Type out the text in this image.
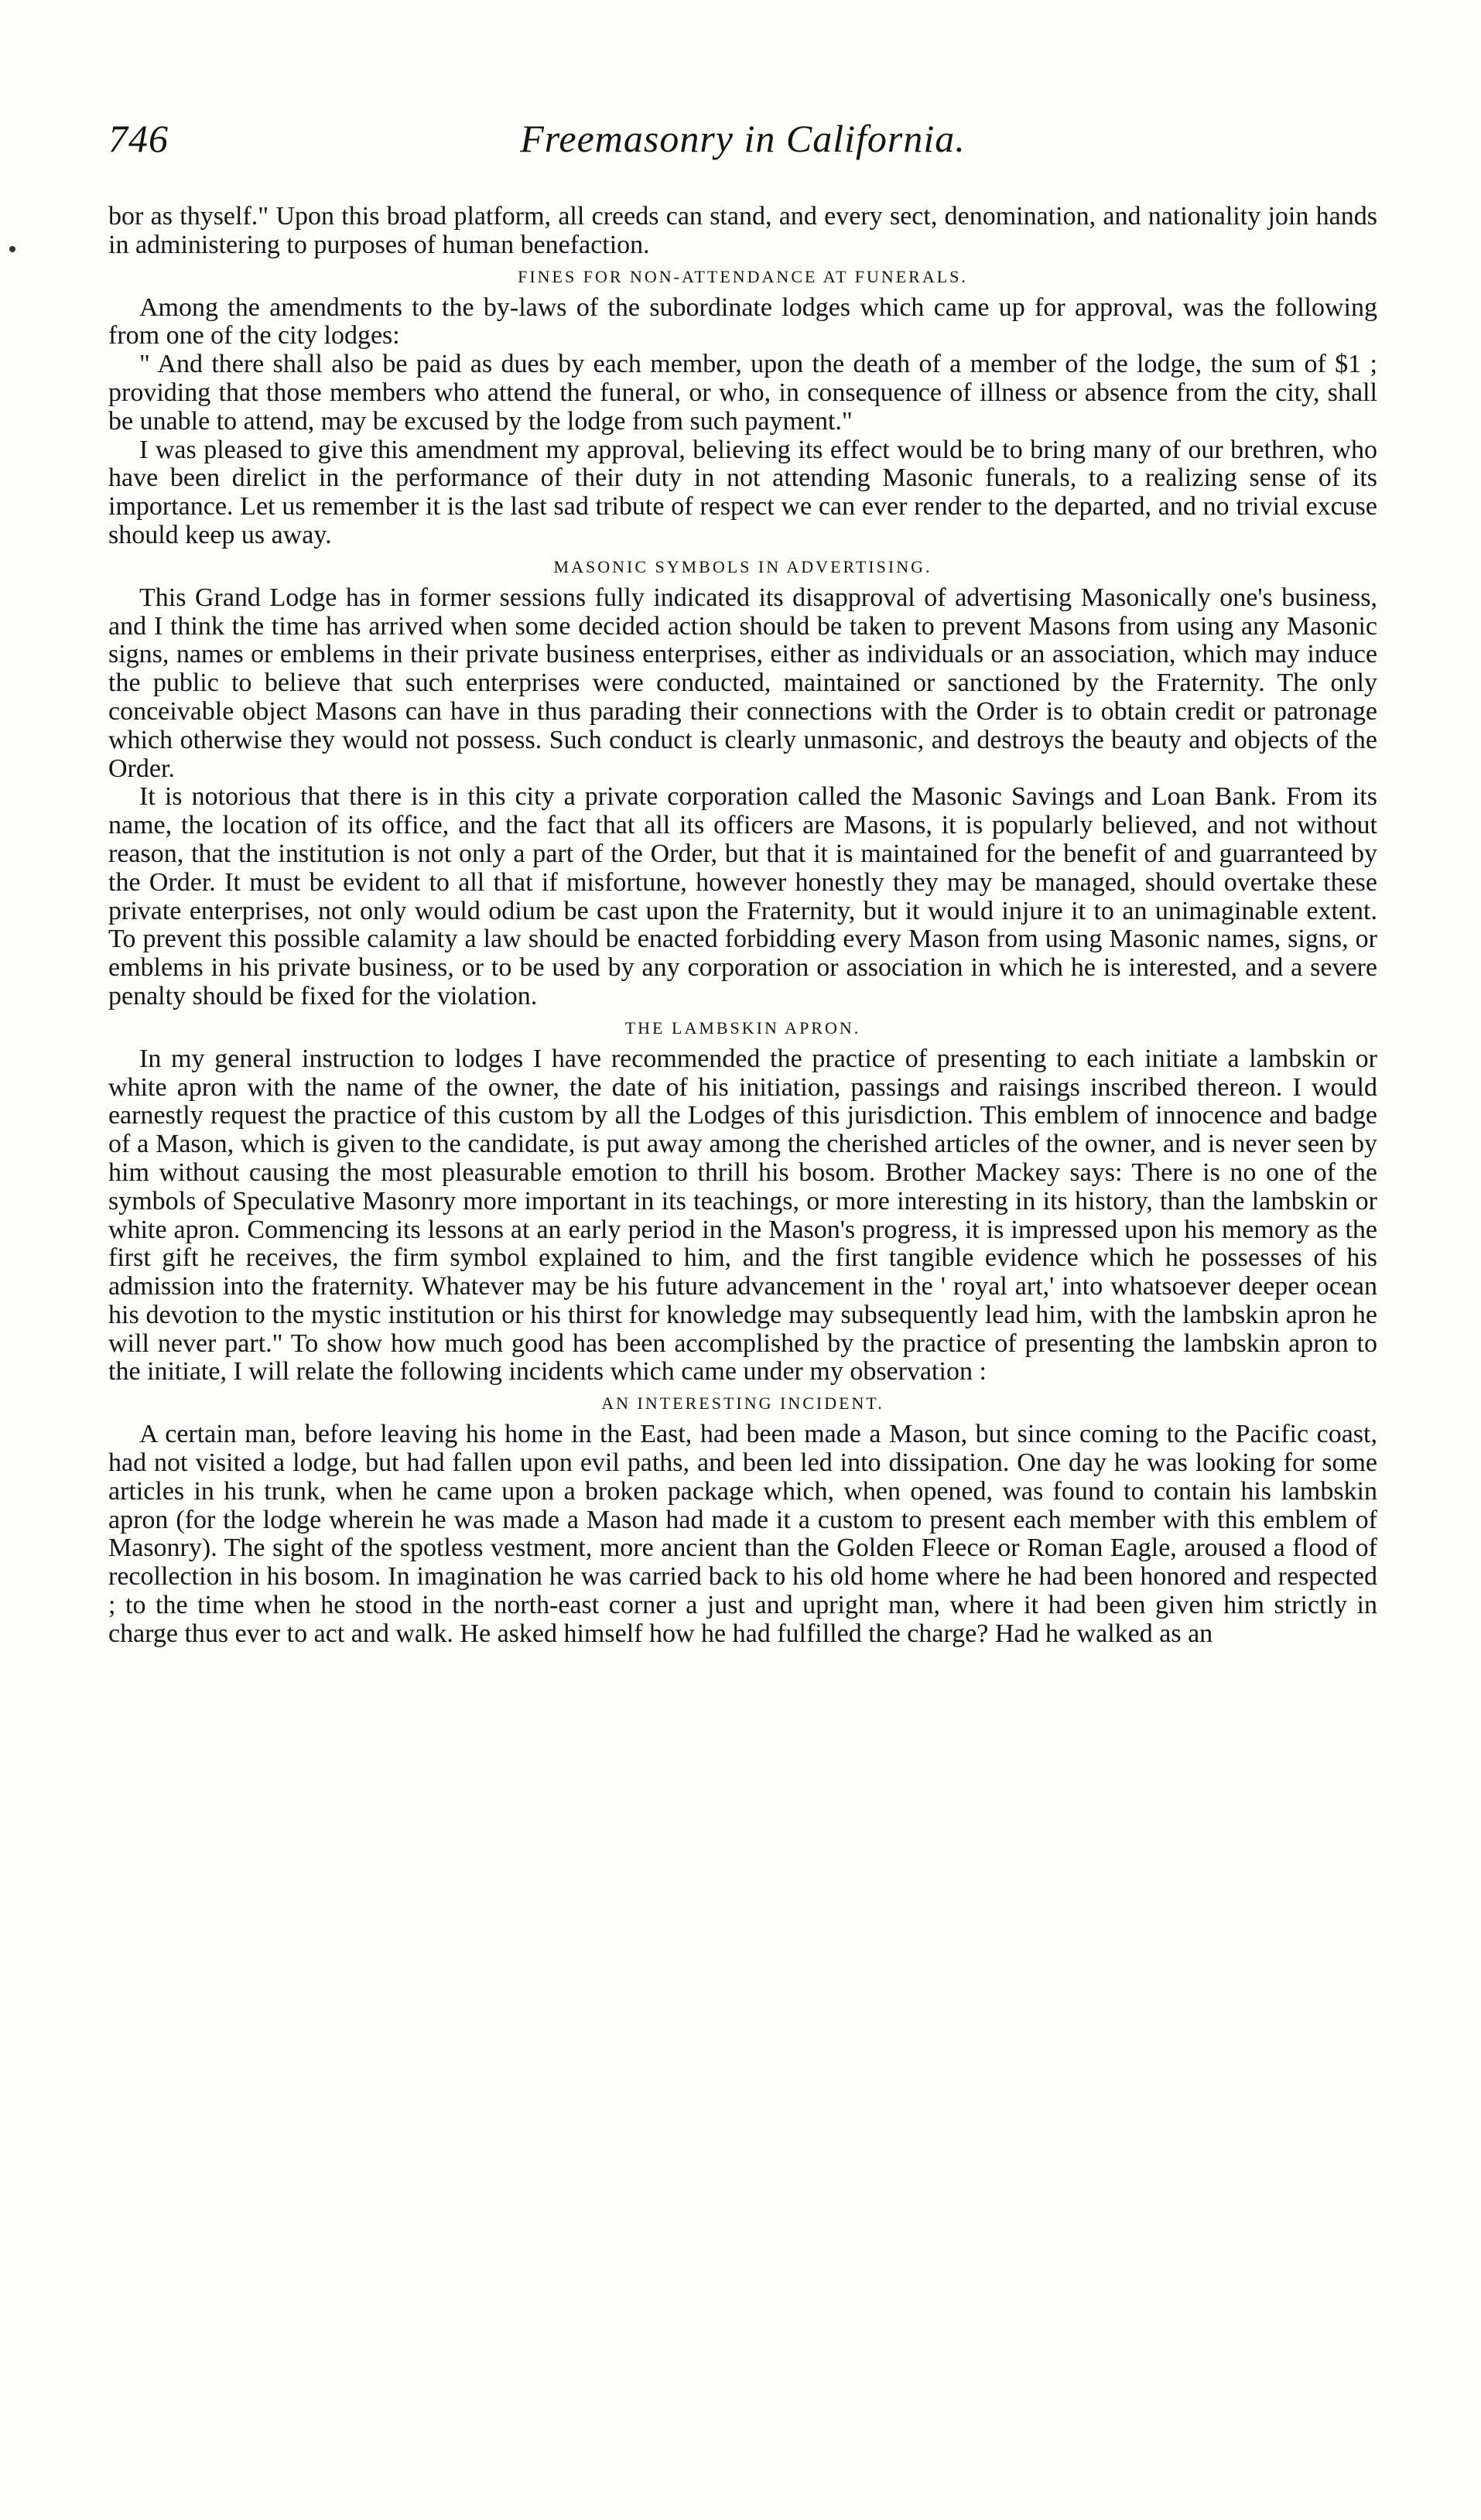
746	Freemasonry in California.

bor as thyself." Upon this broad platform, all creeds can stand, and every sect, denomination, and nationality join hands in administering to purposes of human benefaction.

FINES FOR NON-ATTENDANCE AT FUNERALS.

Among the amendments to the by-laws of the subordinate lodges which came up for approval, was the following from one of the city lodges:

" And there shall also be paid as dues by each member, upon the death of a member of the lodge, the sum of $1 ; providing that those members who attend the funeral, or who, in consequence of illness or absence from the city, shall be unable to attend, may be excused by the lodge from such payment."

I was pleased to give this amendment my approval, believing its effect would be to bring many of our brethren, who have been direlict in the performance of their duty in not attending Masonic funerals, to a realizing sense of its importance. Let us remember it is the last sad tribute of respect we can ever render to the departed, and no trivial excuse should keep us away.

MASONIC SYMBOLS IN ADVERTISING.

This Grand Lodge has in former sessions fully indicated its disapproval of advertising Masonically one's business, and I think the time has arrived when some decided action should be taken to prevent Masons from using any Masonic signs, names or emblems in their private business enterprises, either as individuals or an association, which may induce the public to believe that such enterprises were conducted, maintained or sanctioned by the Fraternity. The only conceivable object Masons can have in thus parading their connections with the Order is to obtain credit or patronage which otherwise they would not possess. Such conduct is clearly unmasonic, and destroys the beauty and objects of the Order.

It is notorious that there is in this city a private corporation called the Masonic Savings and Loan Bank. From its name, the location of its office, and the fact that all its officers are Masons, it is popularly believed, and not without reason, that the institution is not only a part of the Order, but that it is maintained for the benefit of and guarranteed by the Order. It must be evident to all that if misfortune, however honestly they may be managed, should overtake these private enterprises, not only would odium be cast upon the Fraternity, but it would injure it to an unimaginable extent. To prevent this possible calamity a law should be enacted forbidding every Mason from using Masonic names, signs, or emblems in his private business, or to be used by any corporation or association in which he is interested, and a severe penalty should be fixed for the violation.

THE LAMBSKIN APRON.

In my general instruction to lodges I have recommended the practice of presenting to each initiate a lambskin or white apron with the name of the owner, the date of his initiation, passings and raisings inscribed thereon. I would earnestly request the practice of this custom by all the Lodges of this jurisdiction. This emblem of innocence and badge of a Mason, which is given to the candidate, is put away among the cherished articles of the owner, and is never seen by him without causing the most pleasurable emotion to thrill his bosom. Brother Mackey says: There is no one of the symbols of Speculative Masonry more important in its teachings, or more interesting in its history, than the lambskin or white apron. Commencing its lessons at an early period in the Mason's progress, it is impressed upon his memory as the first gift he receives, the firm symbol explained to him, and the first tangible evidence which he possesses of his admission into the fraternity. Whatever may be his future advancement in the ' royal art,' into whatsoever deeper ocean his devotion to the mystic institution or his thirst for knowledge may subsequently lead him, with the lambskin apron he will never part." To show how much good has been accomplished by the practice of presenting the lambskin apron to the initiate, I will relate the following incidents which came under my observation :

AN INTERESTING INCIDENT.

A certain man, before leaving his home in the East, had been made a Mason, but since coming to the Pacific coast, had not visited a lodge, but had fallen upon evil paths, and been led into dissipation. One day he was looking for some articles in his trunk, when he came upon a broken package which, when opened, was found to contain his lambskin apron (for the lodge wherein he was made a Mason had made it a custom to present each member with this emblem of Masonry). The sight of the spotless vestment, more ancient than the Golden Fleece or Roman Eagle, aroused a flood of recollection in his bosom. In imagination he was carried back to his old home where he had been honored and respected ; to the time when he stood in the north-east corner a just and upright man, where it had been given him strictly in charge thus ever to act and walk. He asked himself how he had fulfilled the charge? Had he walked as an
